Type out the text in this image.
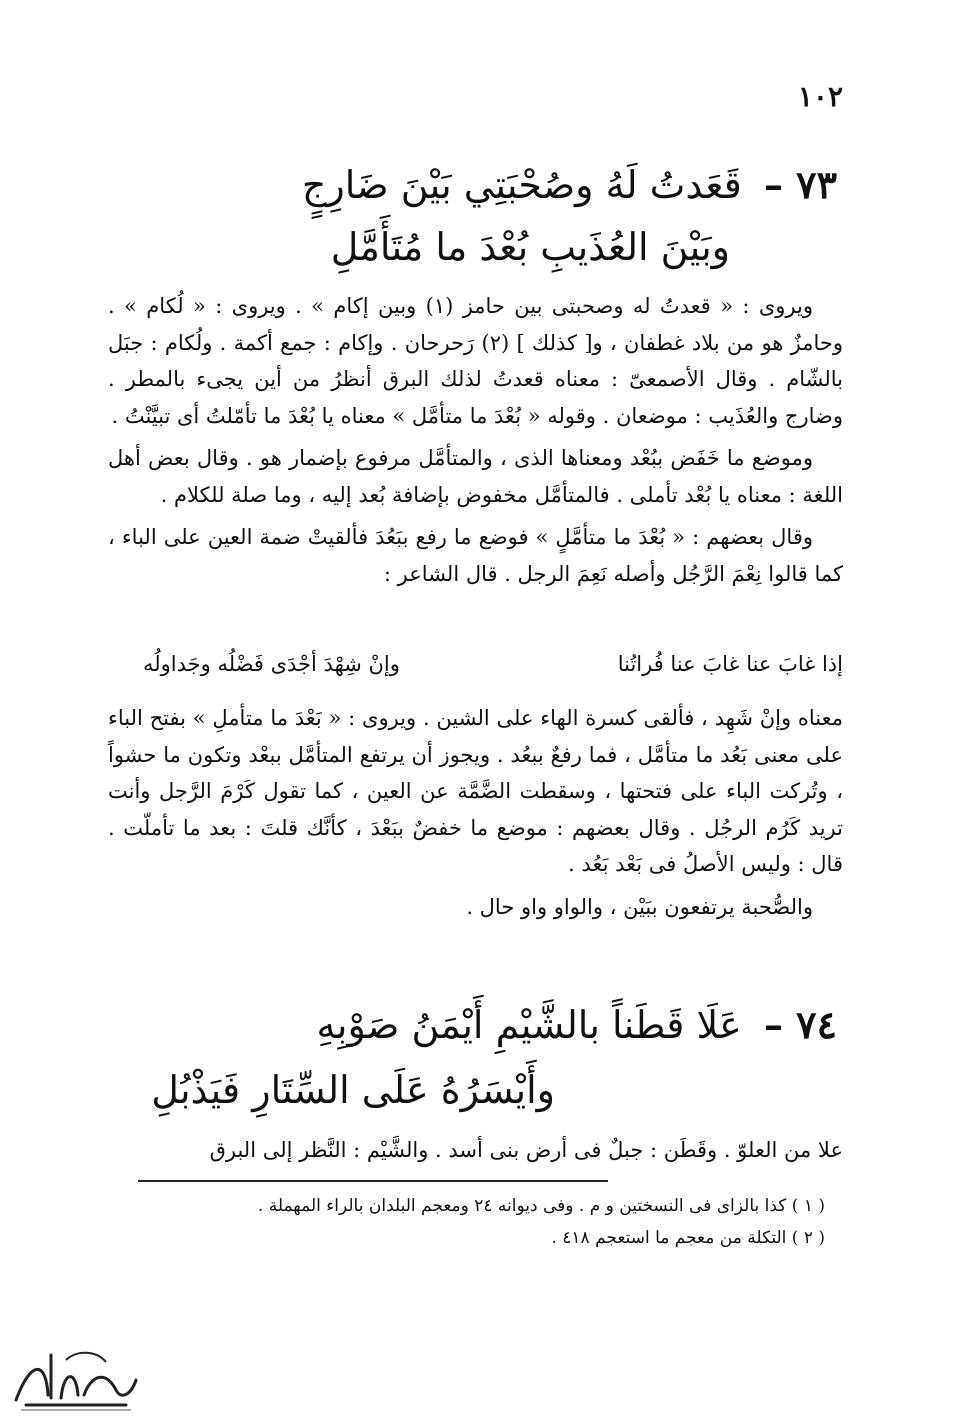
١٠٢
٧٣ – قَعَدتُ لَهُ وصُحْبَتِي بَيْنَ ضَارِجٍ
وبَيْنَ العُذَيبِ بُعْدَ ما مُتَأَمَّلِ

ويروى : « قعدتُ له وصحبتى بين حامز (١) وبين إكام » . ويروى : « لُكام » . وحامزٌ هو من بلاد غطفان ، و[ كذلك ] (٢) رَحرحان . وإكام : جمع أكمة . ولُكام : جبَل بالشّام . وقال الأصمعىّ : معناه قعدتُ لذلك البرق أنظرُ من أين يجىء بالمطر . وضارج والعُذَيب : موضعان . وقوله « بُعْدَ ما متأمَّل » معناه يا بُعْدَ ما تأمّلتُ أى تبيَّنْتُ .

وموضع ما خَفَض ببُعْد ومعناها الذى ، والمتأمَّل مرفوع بإضمار هو . وقال بعض أهل اللغة : معناه يا بُعْد تأملى . فالمتأمَّل مخفوض بإضافة بُعد إليه ، وما صلة للكلام .

وقال بعضهم : « بُعْدَ ما متأمَّلٍ » فوضع ما رفع ببَعُدَ فألقيتْ ضمة العين على الباء ، كما قالوا نِعْمَ الرَّجُل وأصله نَعِمَ الرجل . قال الشاعر :

إذا غابَ عنا غابَ عنا فُراتُنا
وإنْ شِهْدَ أجْدَى فَضْلُه وجَداولُه

معناه وإنْ شَهِد ، فألقى كسرة الهاء على الشين . ويروى : « بَعْدَ ما متأملِ » بفتح الباء على معنى بَعُد ما متأمَّل ، فما رفعٌ ببعُد . ويجوز أن يرتفع المتأمَّل ببعْد وتكون ما حشواً ، وتُركت الباء على فتحتها ، وسقطت الضَّمَّة عن العين ، كما تقول كَرْمَ الرَّجل وأنت تريد كَرُم الرجُل . وقال بعضهم : موضع ما خفضٌ ببَعْدَ ، كأنَّك قلتَ : بعد ما تأملّت . قال : وليس الأصلُ فى بَعْد بَعُد .

والصُّحبة يرتفعون ببَيْن ، والواو واو حال .

٧٤ – عَلَا قَطَناً بالشَّيْمِ أَيْمَنُ صَوْبِهِ
وأَيْسَرُهُ عَلَى السِّتَارِ فَيَذْبُلِ

علا من العلوّ . وقَطَن : جبلٌ فى أرض بنى أسد . والشَّيْم : النَّظر إلى البرق

( ١ ) كذا بالزاى فى النسختين و م . وفى ديوانه ٢٤ ومعجم البلدان بالراء المهملة .
( ٢ ) التكلة من معجم ما استعجم ٤١٨ .
